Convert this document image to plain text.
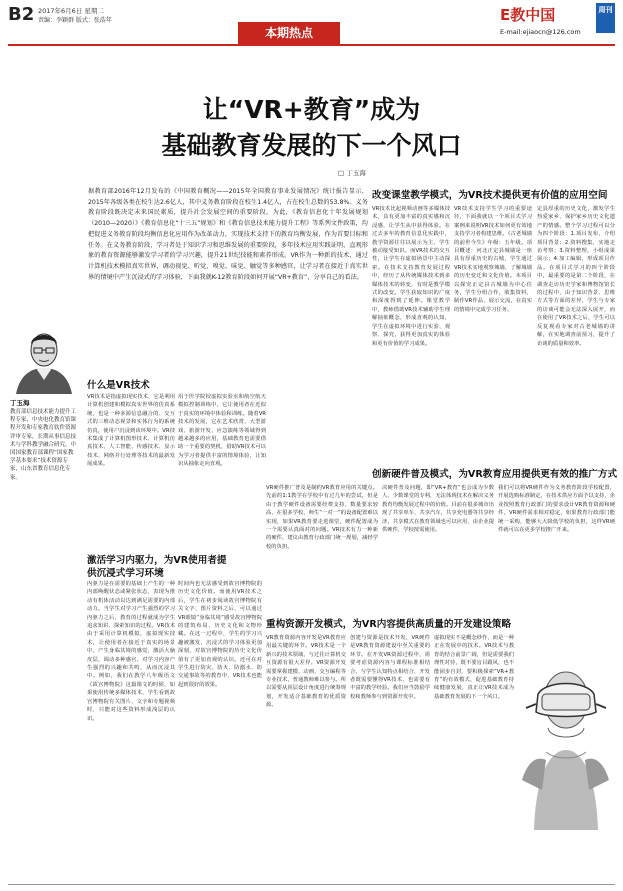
B2 2017年6月6日 星期二
责编：李颖群 版式：张浩年
本期热点
E教中国	周刊
E-mail:ejiaocn@126.com
让“VR+教育”成为
基础教育发展的下一个风口
□ 丁玉海
据教育部2016年12月发布的《中国教育概况——2015年全国教育事业发展情况》统计报告显示，2015年各级各类在校生达2.6亿人，其中义务教育阶段在校生1.4亿人，占在校生总数的53.8%。义务教育阶段既决定未来国民素质，提升社会发展空间的重要阶段，为此，《教育信息化十年发展规划（2010—2020）》《教育信息化“十三五”规划》和《教育信息技术能力提升工程》等系列文件政策，均把促进义务教育阶段均衡信息化应用作为改革动力，实现技术支持下的教育均衡发展，作为首要目标和任务。在义务教育阶段，学习者处于知识学习和思维发展的重要阶段，多年技术应用实践证明，直观形象的教育资源能够激发学习者的学习兴趣，提升21世纪技能和素养形成。VR作为一种新的技术，通过计算机技术模拟真实世界，调动视觉、听觉、嗅觉、味觉、触觉等多种感官，让学习者在接近于真实世界的情境中产生沉浸式的学习体验，下面我就K-12教育阶段如何开展“VR+教育”，分享自己的看法。
丁玉海
教育部信息技术能力提升工程专家，中央电化教育馆课程开发和专家教育软件资源评审专家，长期从事信息技术与学科教学融合研究，中国国家教育部课程“国家教学基本要求”技术资源专家，山东省教育信息化专家。
改变课堂教学模式，为VR技术提供更有价值的应用空间
什么是VR技术
激活学习内驱力，为VR使用者提
供沉浸式学习环境
创新硬件普及模式，为VR教育应用提供更有效的推广方式
重构资源开发模式，为VR内容提供高质量的开发建设策略
VR技术比起视频动画等多媒体技术，具有更加丰富的真实感和沉浸感，让学生从中获得体验。在过去多年的教育信息化实践中，教学资源往往以展示为主，学生被动接受知识。而VR技术的交互性，让学生在虚拟场景中主动探索。在技术支持教育发展过程中，经历了从传统媒体技术到多媒体技术的转变，有时是教学模式的改变。学生获取知识的广度和深度得到了延伸。课堂教学中，教师借助VR技术辅助学生理解抽象概念，形成直观的认知，学生在虚拟环境中进行实验、观察、探究，获得更加真实的体验和更有价值的学习成果。
VR技术支持学生学习的重要途径，下面我就以一个项目式学习案例来说明VR技术如何更有效地支持学习者构建思维。《古老城墙的前世今生》年级：五年级。项目概述：河北正定县城墙是一座具有厚重历史的古城，学生通过VR技术实地观察城墙，了解城墙的历史变迁和文化价值。本项目以探究正定县古城墙为中心任务，学生分组合作，收集资料，制作VR作品，展示交流，在真实的情境中完成学习任务。
定县厚重的历史文化，激发学生热爱家乡、保护家乡历史文化遗产的情感。整个学习过程可以分为四个阶段：1.项目发布，介绍项目背景；2.资料搜集，实地走访考察；3.资料整理，小组成果展示；4.加工编辑，形成项目作品。在项目式学习的四个阶段中，最重要的是第二个阶段，在调查走访历史学家和博物馆馆长的过程中，由于知识背景、思维方式等方面的差异，学生与专家的访谈可能会无法深入展开，而在使用了VR技术之后，学生可以反复观看专家对古老城墙的讲解，在实地调查前预习，提升了访谈的质量和效率。
VR技术是指虚拟现实技术，它是利用计算机创建和模拟真实世界的仿真系统，也是一种多源信息融合的、交互式的三维动态视景和实体行为的系统仿真，使用户沉浸到该环境中。VR技术集成了计算机图形技术、计算机仿真技术、人工智能、传感技术、显示技术、网络并行处理等技术的最新发展成果。
用于医学院校虚拟实验室和航空航天模拟控制训练中，它让使用者在近似于真实的环境中体验和训练。随着VR技术的发展，它在艺术欣赏、大型游戏、旅游开发、应急演练等领域得到越来越多的应用，基础教育也需要借助一个重要的契机，借助VR技术可以为学习者提供丰富的情境体验，让知识从抽象走向直观。
内驱力是在需要的基础上产生的一种内部唤醒状态或紧张状态，表现为推动有机体活动以达到满足需要的内部动力。当学生对学习产生强烈的学习内驱力之后，教育的过程就成为学生追求知识、探索知识的过程。VR技术由于采用计算机模拟，虚拟现实技术，让使用者在接近于真实的场景中，产生身临其境的感觉，激活大脑皮层，调动多种感官，对学习内容产生强烈的兴趣和共鸣，从而沉浸其中。例如，我们在教学八年级语文《故宫博物院》这篇课文的时候，如果使用传统多媒体技术，学生看到故宫博物院有关图片、文字和专题视频时，只能对这些资料形成浅层的认识。
时间内也无法感受到故宫博物院的历史文化价值。而使用VR技术之后，学生在初步阅读故宫博物院有关文字、图片资料之后，可以通过VR眼镜“身临其境”感受故宫博物院的建筑布局、历史文化和文物珍藏。在这一过程中，学生的学习兴趣被激发，沉浸式的学习体验更加深刻，对故宫博物院的历史文化价值有了更加直观的认识。还可在对学生进行防灾、防火、防溺水、防交通事故等的教育中，VR技术也能起到很好的效果。
VR硬件推广普及是制约VR教育应用的关键点。先前的1:1教学在学校中有过几年的尝试，但是由于教学硬件设备需要经费支持、数量要求较高，在很多学校，师生“一对一”的设备配置难以实现，如果VR教育要走进课堂，硬件配置成为一个需要认真面对的问题。VR技术有力一种新的硬件，建议由教育行政部门统一规划，减轻学校的负担。
决硬件普及问题，即“VR+教育”也会成为少数人、少数课堂的专利，无法体现技术在解决义务教育均衡发展过程中的价值。目前在很多城市出现了共享单车、共享汽车，共享充电器等共享经济，共享模式在教育领域也可以应用，由企业提供硬件，学校按需使用。
我们可以将VR硬件作为义务教育阶段学校配置，开展选购标准制定，在技术供应方面予以支持，企业按照教育行政部门的要求设计VR教育资源和硬件，VR硬件需求相对稳定，如果教育行政部门能统一采购，能够大大降低学校的负担，这样VR硬件就可以在更多学校推广开来。
VR教育资源内容开发是VR教育应用最关键的环节。VR技术是一个新兴的技术领域，与过往计算机交互资源有很大差异。VR资源开发需要掌握建模、动画、交互编程等专业技术，普通教师难以参与。所以需要从顶层设计角度进行统筹规划，开发适合基础教育的优质资源。
创建与资源是技术开发，VR硬件是VR教育资源建设中至关重要的环节。在开发VR资源过程中，需要考虑资源内容与课程标准相结合，与学生认知特点相结合，开发者既需要懂得VR技术，也需要有丰富的教学经验。我们应当鼓励学校和教师参与到资源开发中。
虚拟现实不是概念炒作，而是一种正在发展中的技术。VR技术与教育的结合前景广阔，但是需要我们理性对待，既不要盲目跟风，也不能固步自封，要积极探索“VR+教育”的有效模式，促进基础教育持续健康发展，真正让VR技术成为基础教育发展的下一个风口。
